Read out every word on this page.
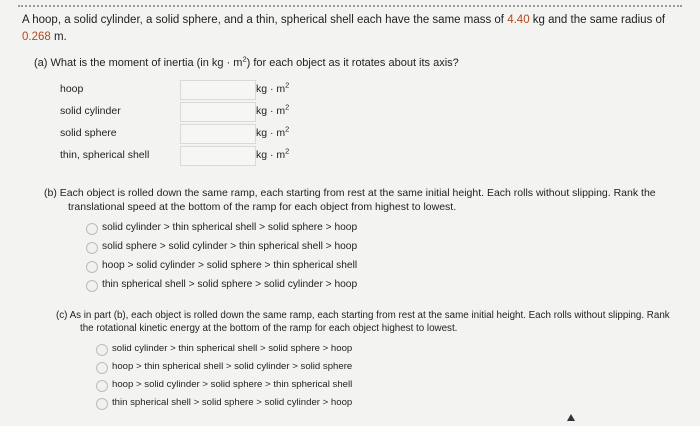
A hoop, a solid cylinder, a solid sphere, and a thin, spherical shell each have the same mass of 4.40 kg and the same radius of 0.268 m.
(a) What is the moment of inertia (in kg · $m^2$) for each object as it rotates about its axis?
hoop	kg · $m^2$
solid cylinder	kg · $m^2$
solid sphere	kg · $m^2$
thin, spherical shell	kg · $m^2$
(b) Each object is rolled down the same ramp, each starting from rest at the same initial height. Each rolls without slipping. Rank the translational speed at the bottom of the ramp for each object from highest to lowest.
solid cylinder > thin spherical shell > solid sphere > hoop
solid sphere > solid cylinder > thin spherical shell > hoop
hoop > solid cylinder > solid sphere > thin spherical shell
thin spherical shell > solid sphere > solid cylinder > hoop
(c) As in part (b), each object is rolled down the same ramp, each starting from rest at the same initial height. Each rolls without slipping. Rank the rotational kinetic energy at the bottom of the ramp for each object highest to lowest.
solid cylinder > thin spherical shell > solid sphere > hoop
hoop > thin spherical shell > solid cylinder > solid sphere
hoop > solid cylinder > solid sphere > thin spherical shell
thin spherical shell > solid sphere > solid cylinder > hoop
